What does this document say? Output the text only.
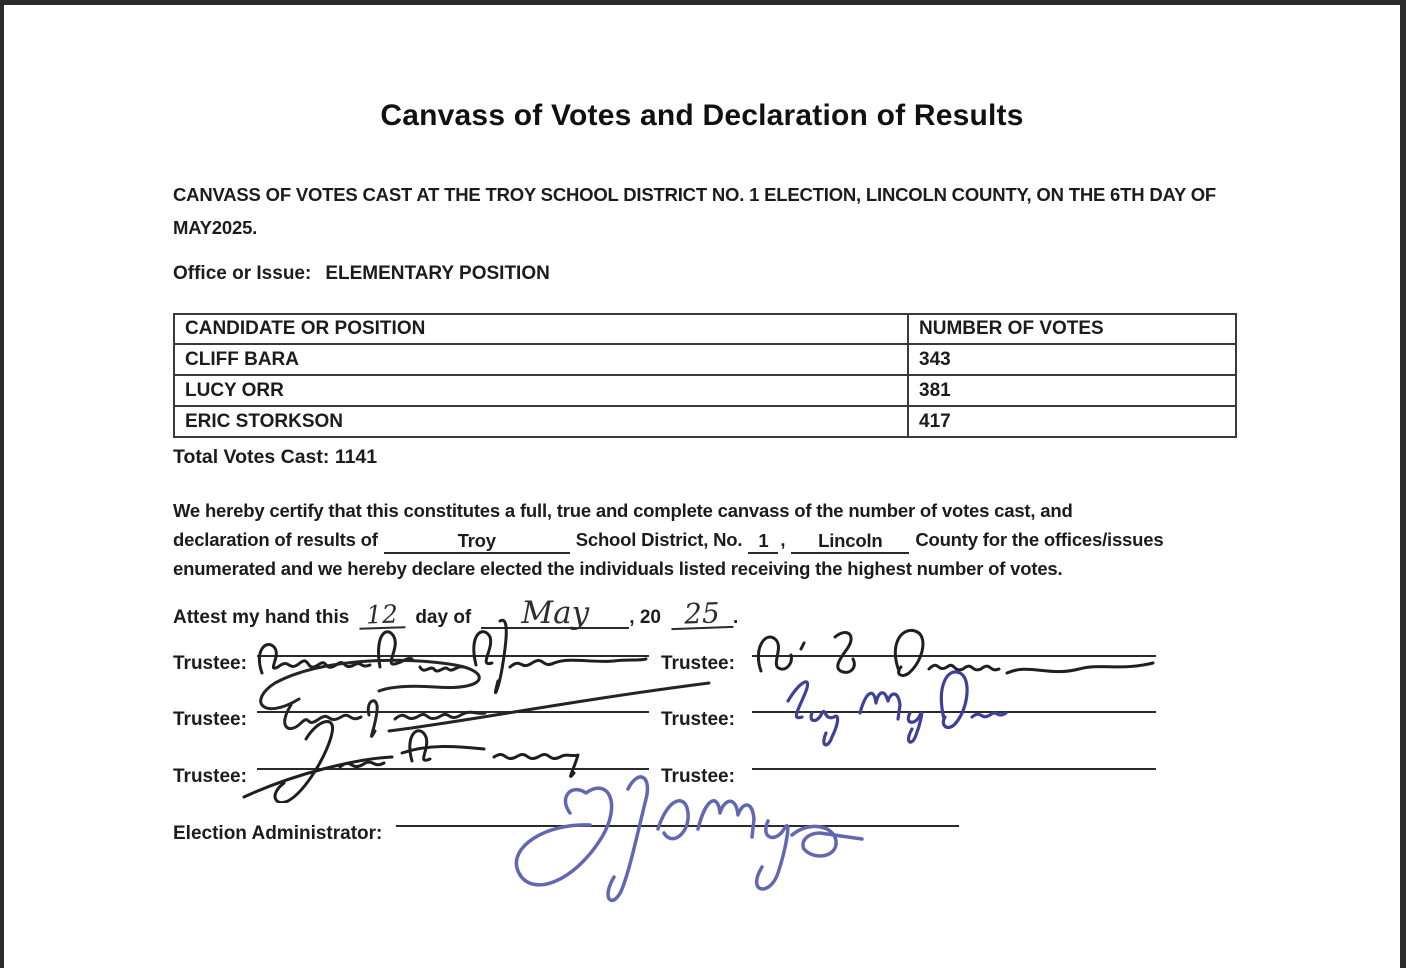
Canvass of Votes and Declaration of Results
CANVASS OF VOTES CAST AT THE TROY SCHOOL DISTRICT NO. 1 ELECTION, LINCOLN COUNTY, ON THE 6TH DAY OF MAY2025.
Office or Issue: ELEMENTARY POSITION
CANDIDATE OR POSITION	NUMBER OF VOTES
CLIFF BARA	343
LUCY ORR	381
ERIC STORKSON	417
Total Votes Cast: 1141
We hereby certify that this constitutes a full, true and complete canvass of the number of votes cast, and
declaration of results of	Troy	School District, No. 1 , Lincoln County for the offices/issues
enumerated and we hereby declare elected the individuals listed receiving the highest number of votes.
Attest my hand this 12 day of	May	, 20 25 .
Trustee:	Trustee:
Trustee:	Trustee:
Trustee:	Trustee:
Election Administrator:
